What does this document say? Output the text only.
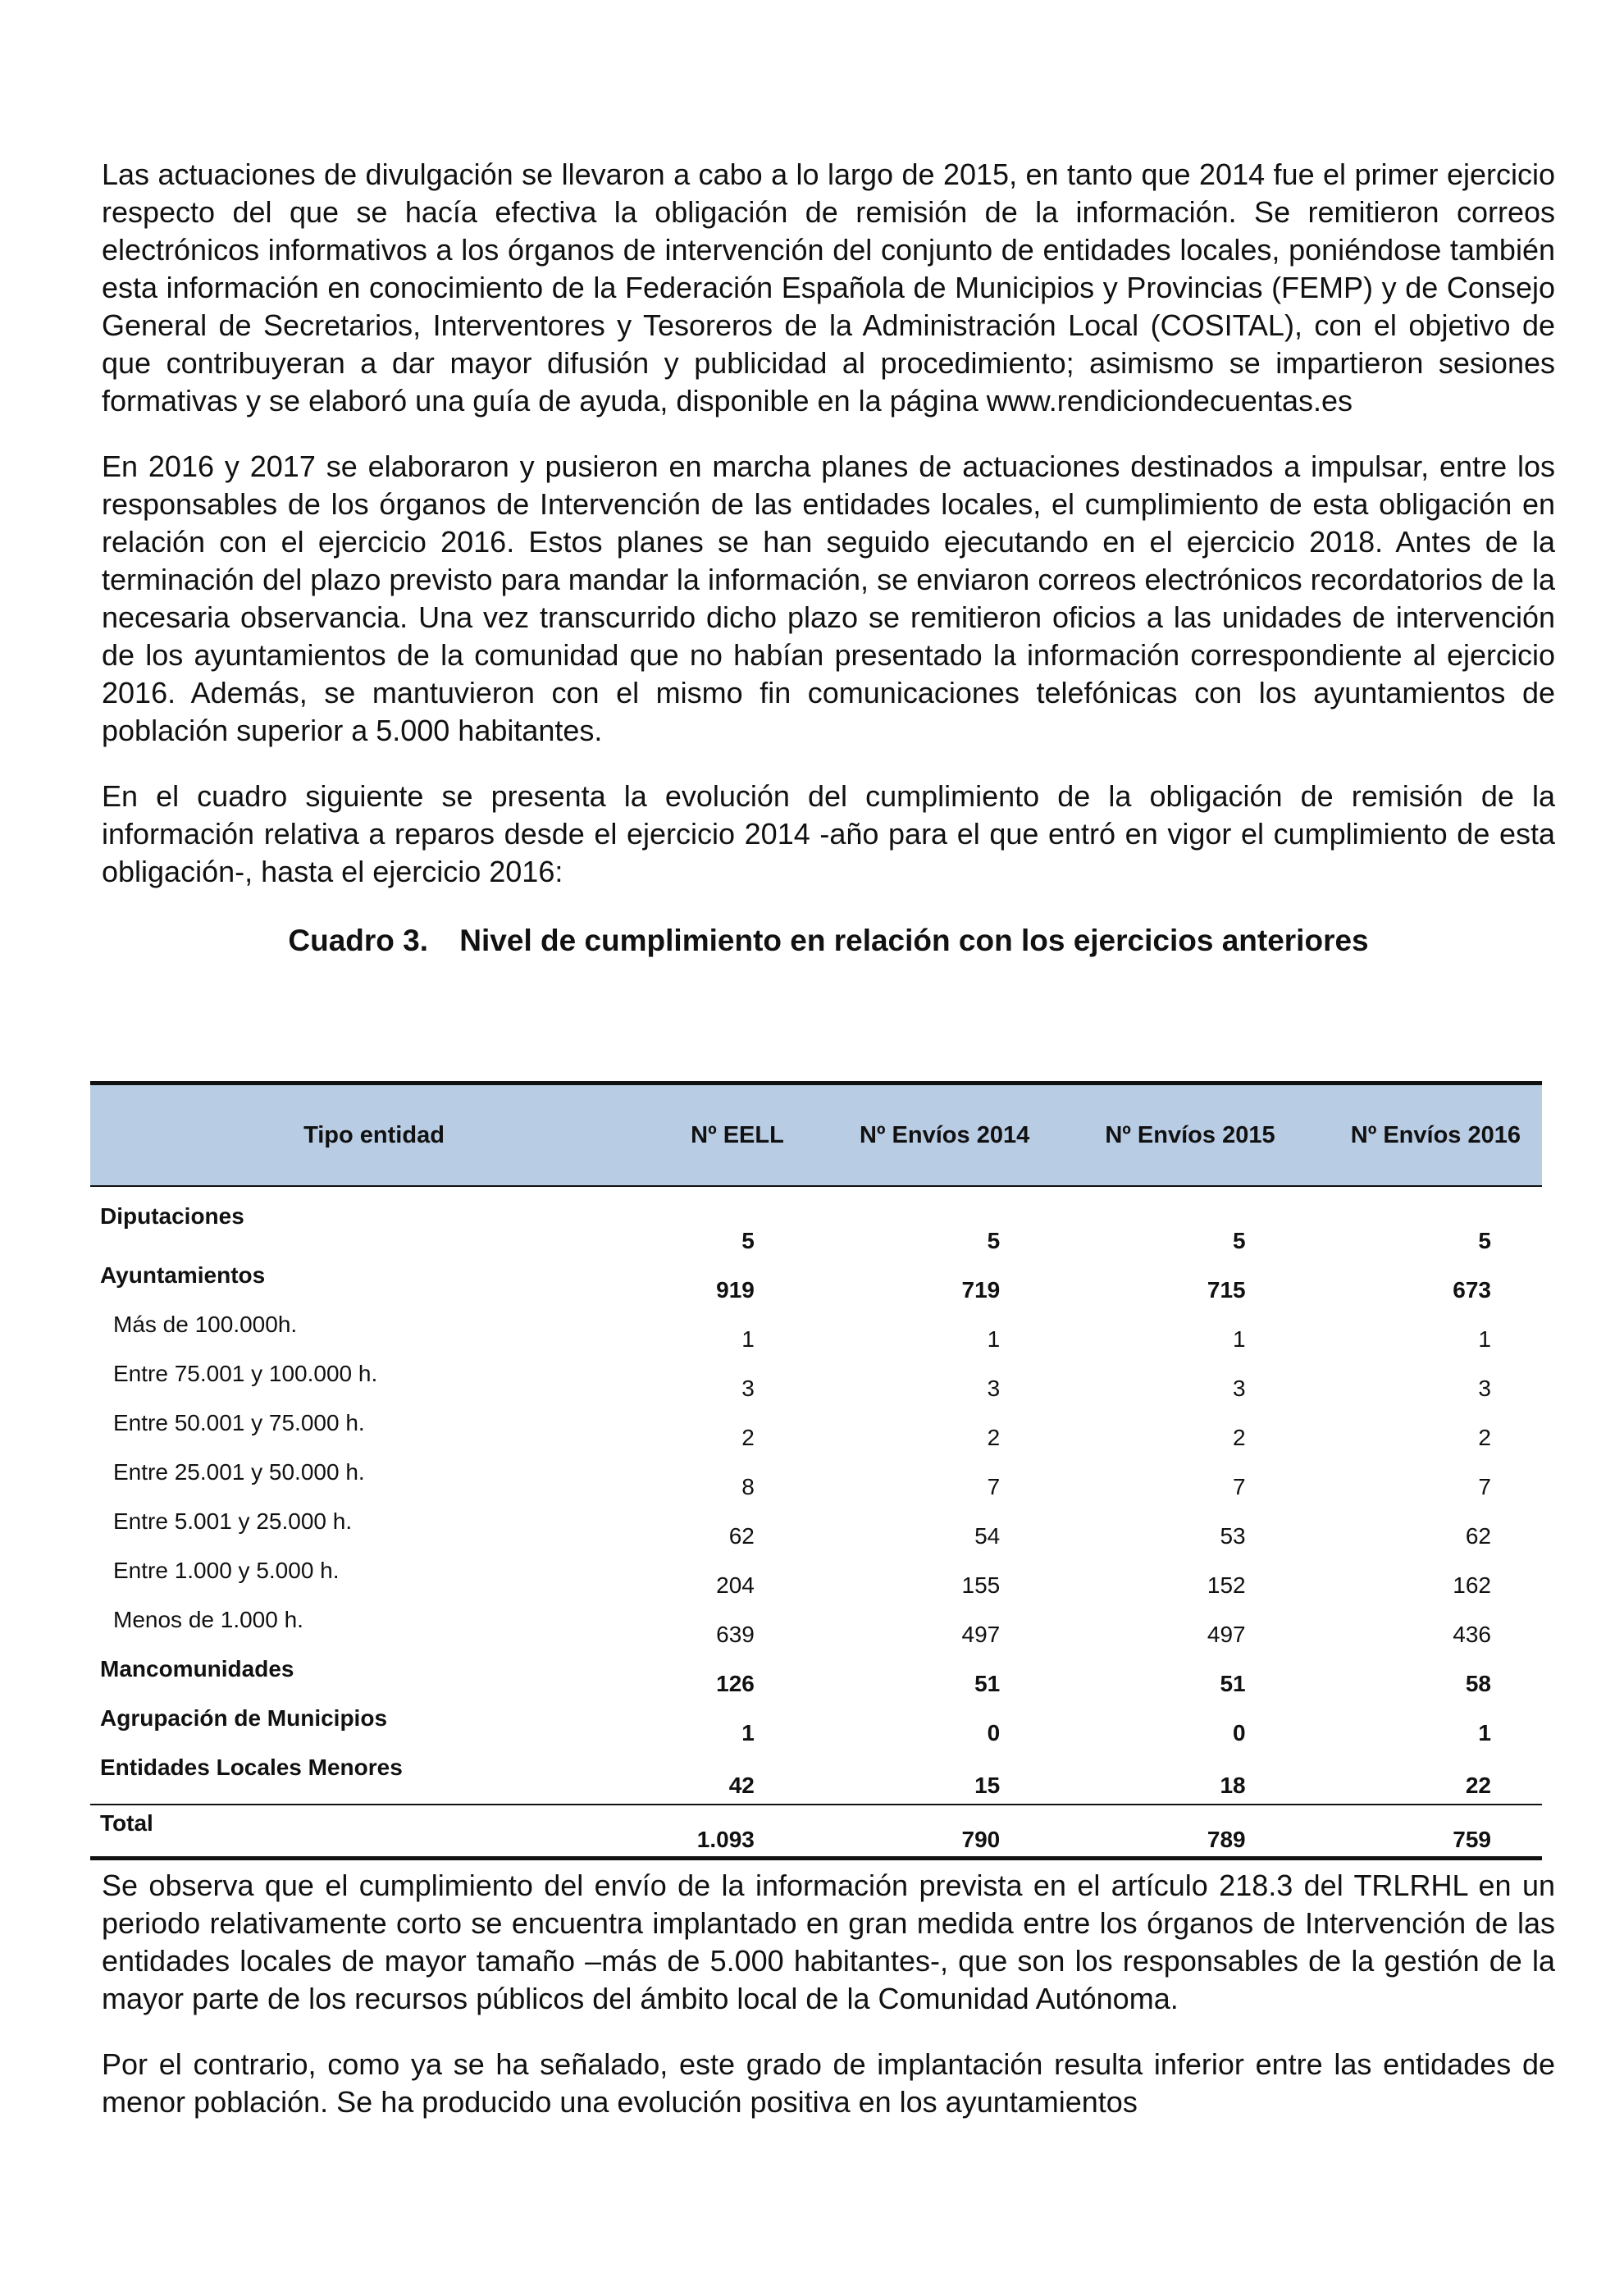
Las actuaciones de divulgación se llevaron a cabo a lo largo de 2015, en tanto que 2014 fue el primer ejercicio respecto del que se hacía efectiva la obligación de remisión de la información. Se remitieron correos electrónicos informativos a los órganos de intervención del conjunto de entidades locales, poniéndose también esta información en conocimiento de la Federación Española de Municipios y Provincias (FEMP) y de Consejo General de Secretarios, Interventores y Tesoreros de la Administración Local (COSITAL), con el objetivo de que contribuyeran a dar mayor difusión y publicidad al procedimiento; asimismo se impartieron sesiones formativas y se elaboró una guía de ayuda, disponible en la página www.rendiciondecuentas.es

En 2016 y 2017 se elaboraron y pusieron en marcha planes de actuaciones destinados a impulsar, entre los responsables de los órganos de Intervención de las entidades locales, el cumplimiento de esta obligación en relación con el ejercicio 2016. Estos planes se han seguido ejecutando en el ejercicio 2018. Antes de la terminación del plazo previsto para mandar la información, se enviaron correos electrónicos recordatorios de la necesaria observancia. Una vez transcurrido dicho plazo se remitieron oficios a las unidades de intervención de los ayuntamientos de la comunidad que no habían presentado la información correspondiente al ejercicio 2016. Además, se mantuvieron con el mismo fin comunicaciones telefónicas con los ayuntamientos de población superior a 5.000 habitantes.

En el cuadro siguiente se presenta la evolución del cumplimiento de la obligación de remisión de la información relativa a reparos desde el ejercicio 2014 -año para el que entró en vigor el cumplimiento de esta obligación-, hasta el ejercicio 2016:

Cuadro 3. Nivel de cumplimiento en relación con los ejercicios anteriores
Tipo entidad	Nº EELL	Nº Envíos 2014	Nº Envíos 2015	Nº Envíos 2016
Diputaciones	5	5	5	5
Ayuntamientos	919	719	715	673
Más de 100.000h.	1	1	1	1
Entre 75.001 y 100.000 h.	3	3	3	3
Entre 50.001 y 75.000 h.	2	2	2	2
Entre 25.001 y 50.000 h.	8	7	7	7
Entre 5.001 y 25.000 h.	62	54	53	62
Entre 1.000 y 5.000 h.	204	155	152	162
Menos de 1.000 h.	639	497	497	436
Mancomunidades	126	51	51	58
Agrupación de Municipios	1	0	0	1
Entidades Locales Menores	42	15	18	22
Total	1.093	790	789	759

Se observa que el cumplimiento del envío de la información prevista en el artículo 218.3 del TRLRHL en un periodo relativamente corto se encuentra implantado en gran medida entre los órganos de Intervención de las entidades locales de mayor tamaño –más de 5.000 habitantes-, que son los responsables de la gestión de la mayor parte de los recursos públicos del ámbito local de la Comunidad Autónoma.

Por el contrario, como ya se ha señalado, este grado de implantación resulta inferior entre las entidades de menor población. Se ha producido una evolución positiva en los ayuntamientos
